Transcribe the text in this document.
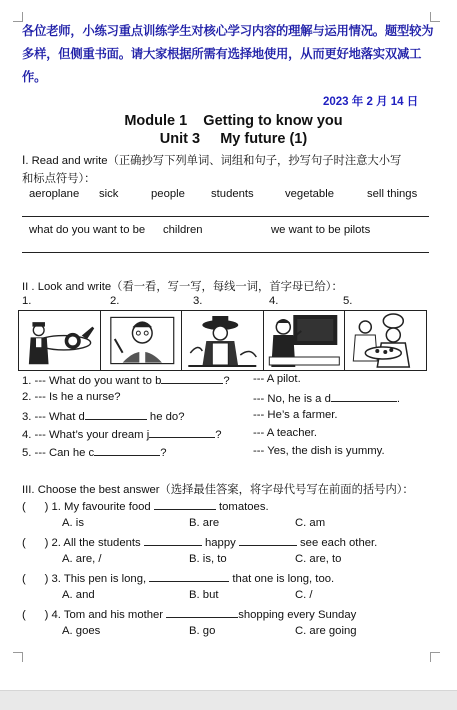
各位老师，小练习重点训练学生对核心学习内容的理解与运用情况。题型较为多样，但侧重书面。请大家根据所需有选择地使用，从而更好地落实双减工作。
2023 年 2 月 14 日
Module 1    Getting to know you
Unit 3     My future (1)
Ⅰ. Read and write（正确抄写下列单词、词组和句子，抄写句子时注意大小写
和标点符号）：
aeroplane sick	people students	vegetable	sell things
what do you want to be children	we want to be pilots
II . Look and write（看一看，写一写，每线一词，首字母已给）：
1.	2.	3.	4.	5.
1. --- What do you want to b	? --- A pilot.
2. --- Is he a nurse?	--- No, he is a d	.
3. --- What d	he do?	--- He’s a farmer.
4. --- What’s your dream j	?	--- A teacher.
5. --- Can he c	?	--- Yes, the dish is yummy.
III. Choose the best answer（选择最佳答案，将字母代号写在前面的括号内）：
(      ) 1. My favourite food	tomatoes.
A. is	B. are	C. am
(      ) 2. All the students	happy	see each other.
A. are, /	B. is, to	C. are, to
(      ) 3. This pen is long,	that one is long, too.
A. and	B. but	C. /
(      ) 4. Tom and his mother	shopping every Sunday
A. goes	B. go	C. are going
